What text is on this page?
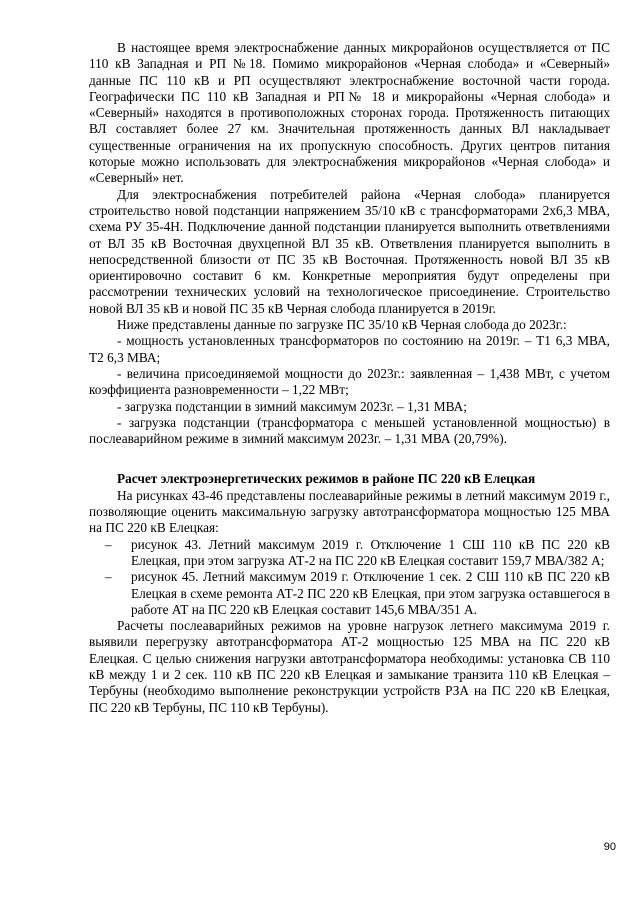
В настоящее время электроснабжение данных микрорайонов осуществляется от ПС 110 кВ Западная и РП №18. Помимо микрорайонов «Черная слобода» и «Северный» данные ПС 110 кВ и РП осуществляют электроснабжение восточной части города. Географически ПС 110 кВ Западная и РП№ 18 и микрорайоны «Черная слобода» и «Северный» находятся в противоположных сторонах города. Протяженность питающих ВЛ составляет более 27 км. Значительная протяженность данных ВЛ накладывает существенные ограничения на их пропускную способность. Других центров питания которые можно использовать для электроснабжения микрорайонов «Черная слобода» и «Северный» нет.

Для электроснабжения потребителей района «Черная слобода» планируется строительство новой подстанции напряжением 35/10 кВ с трансформаторами 2х6,3 МВА, схема РУ 35-4Н. Подключение данной подстанции планируется выполнить ответвлениями от ВЛ 35 кВ Восточная двухцепной ВЛ 35 кВ. Ответвления планируется выполнить в непосредственной близости от ПС 35 кВ Восточная. Протяженность новой ВЛ 35 кВ ориентировочно составит 6 км. Конкретные мероприятия будут определены при рассмотрении технических условий на технологическое присоединение. Строительство новой ВЛ 35 кВ и новой ПС 35 кВ Черная слобода планируется в 2019г.

Ниже представлены данные по загрузке ПС 35/10 кВ Черная слобода до 2023г.:

- мощность установленных трансформаторов по состоянию на 2019г. – Т1 6,3 МВА, Т2 6,3 МВА;

- величина присоединяемой мощности до 2023г.: заявленная – 1,438 МВт, с учетом коэффициента разновременности – 1,22 МВт;

- загрузка подстанции в зимний максимум 2023г. – 1,31 МВА;

- загрузка подстанции (трансформатора с меньшей установленной мощностью) в послеаварийном режиме в зимний максимум 2023г. – 1,31 МВА (20,79%).

Расчет электроэнергетических режимов в районе ПС 220 кВ Елецкая

На рисунках 43-46 представлены послеаварийные режимы в летний максимум 2019 г., позволяющие оценить максимальную загрузку автотрансформатора мощностью 125 МВА на ПС 220 кВ Елецкая:

– рисунок 43. Летний максимум 2019 г. Отключение 1 СШ 110 кВ ПС 220 кВ Елецкая, при этом загрузка АТ-2 на ПС 220 кВ Елецкая составит 159,7 МВА/382 А;
– рисунок 45. Летний максимум 2019 г. Отключение 1 сек. 2 СШ 110 кВ ПС 220 кВ Елецкая в схеме ремонта АТ-2 ПС 220 кВ Елецкая, при этом загрузка оставшегося в работе АТ на ПС 220 кВ Елецкая составит 145,6 МВА/351 А.

Расчеты послеаварийных режимов на уровне нагрузок летнего максимума 2019 г. выявили перегрузку автотрансформатора АТ-2 мощностью 125 МВА на ПС 220 кВ Елецкая. С целью снижения нагрузки автотрансформатора необходимы: установка СВ 110 кВ между 1 и 2 сек. 110 кВ ПС 220 кВ Елецкая и замыкание транзита 110 кВ Елецкая – Тербуны (необходимо выполнение реконструкции устройств РЗА на ПС 220 кВ Елецкая, ПС 220 кВ Тербуны, ПС 110 кВ Тербуны).

90
